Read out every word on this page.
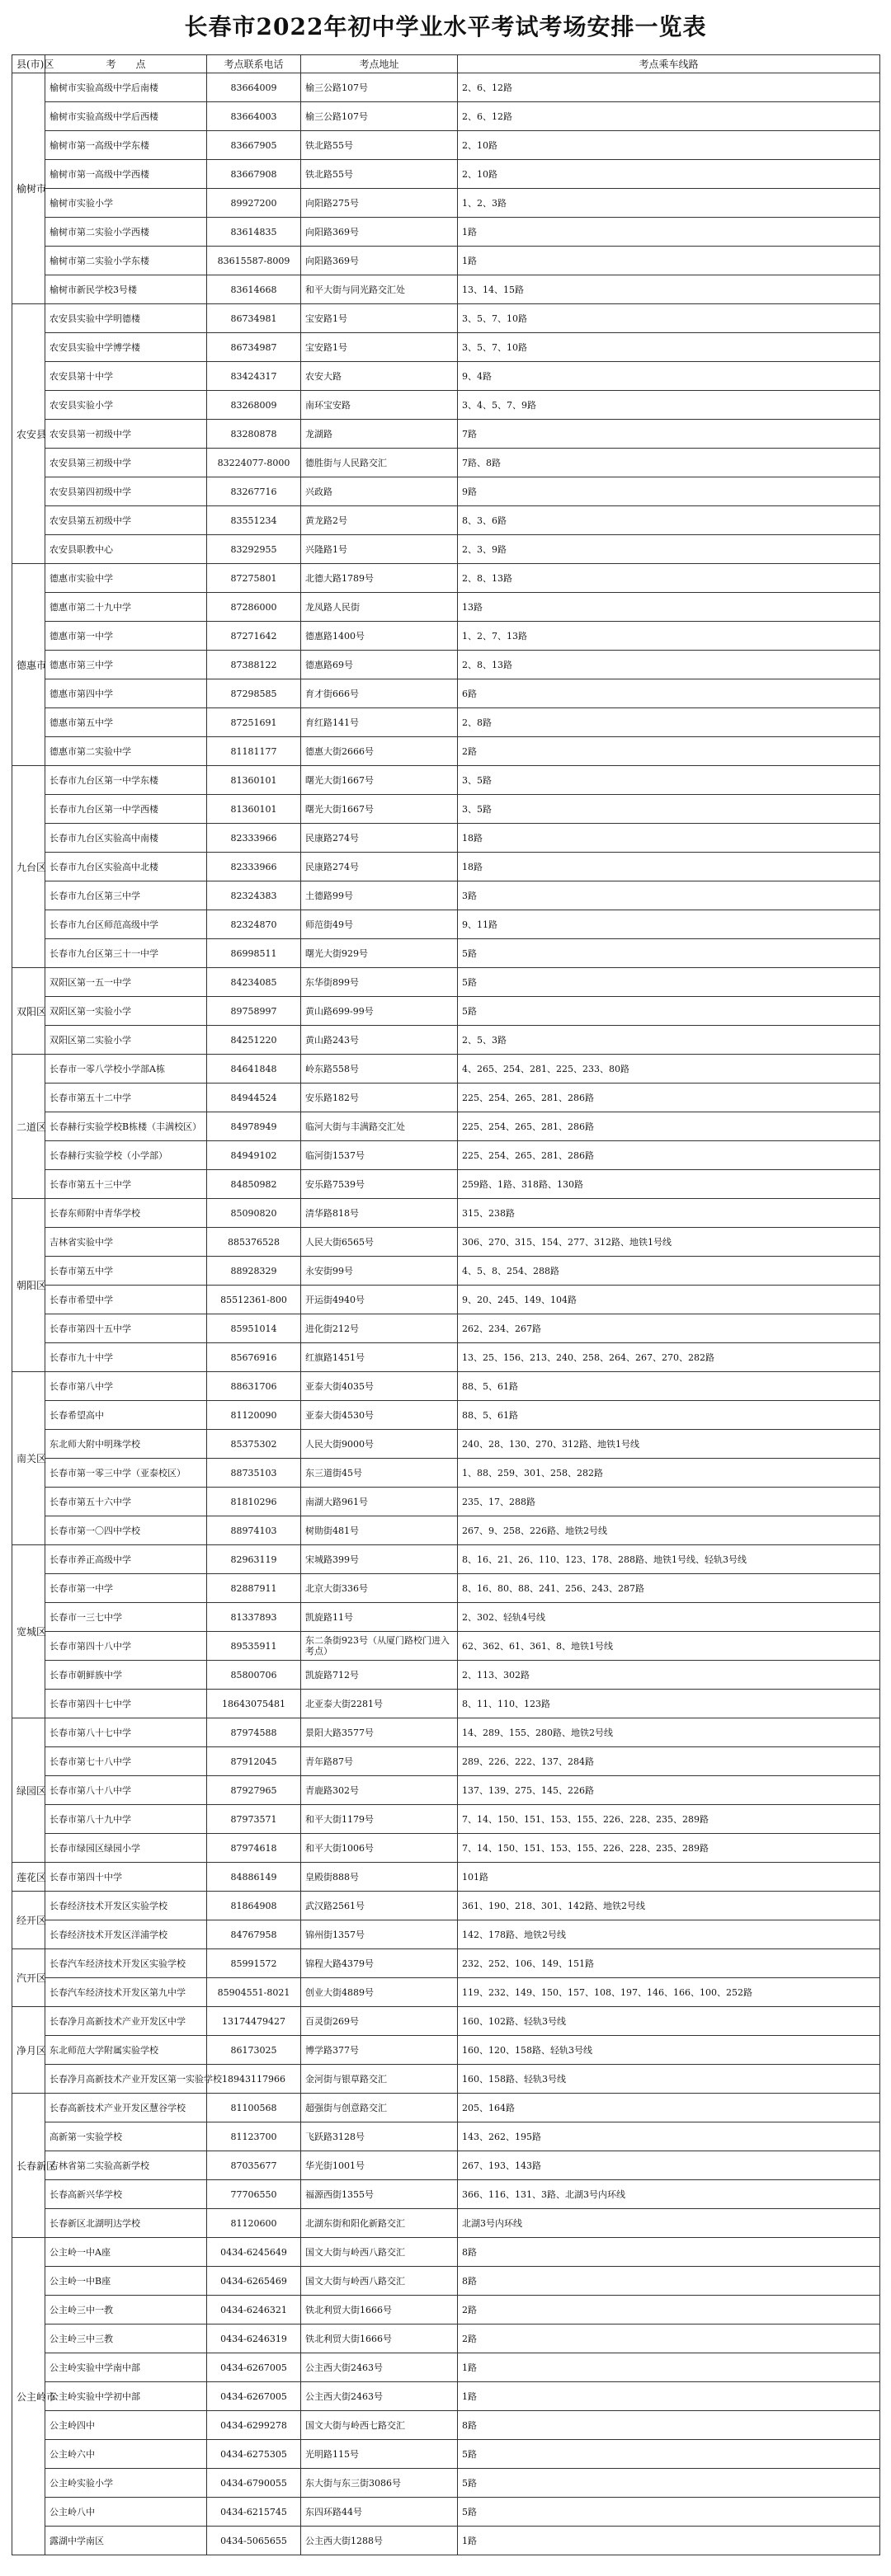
长春市2022年初中学业水平考试考场安排一览表
县(市)区	考　　点	考点联系电话	考点地址	考点乘车线路
榆树市	榆树市实验高级中学后南楼	83664009	榆三公路107号	2、6、12路
	榆树市实验高级中学后西楼	83664003	榆三公路107号	2、6、12路
	榆树市第一高级中学东楼	83667905	铁北路55号	2、10路
	榆树市第一高级中学西楼	83667908	铁北路55号	2、10路
	榆树市实验小学	89927200	向阳路275号	1、2、3路
	榆树市第二实验小学西楼	83614835	向阳路369号	1路
	榆树市第二实验小学东楼	83615587-8009	向阳路369号	1路
	榆树市新民学校3号楼	83614668	和平大街与同光路交汇处	13、14、15路
农安县	农安县实验中学明德楼	86734981	宝安路1号	3、5、7、10路
	农安县实验中学博学楼	86734987	宝安路1号	3、5、7、10路
	农安县第十中学	83424317	农安大路	9、4路
	农安县实验小学	83268009	南环宝安路	3、4、5、7、9路
	农安县第一初级中学	83280878	龙湖路	7路
	农安县第三初级中学	83224077-8000	德胜街与人民路交汇	7路、8路
	农安县第四初级中学	83267716	兴政路	9路
	农安县第五初级中学	83551234	黄龙路2号	8、3、6路
	农安县职教中心	83292955	兴隆路1号	2、3、9路
德惠市	德惠市实验中学	87275801	北德大路1789号	2、8、13路
	德惠市第二十九中学	87286000	龙凤路人民街	13路
	德惠市第一中学	87271642	德惠路1400号	1、2、7、13路
	德惠市第三中学	87388122	德惠路69号	2、8、13路
	德惠市第四中学	87298585	育才街666号	6路
	德惠市第五中学	87251691	育红路141号	2、8路
	德惠市第二实验中学	81181177	德惠大街2666号	2路
九台区	长春市九台区第一中学东楼	81360101	曙光大街1667号	3、5路
	长春市九台区第一中学西楼	81360101	曙光大街1667号	3、5路
	长春市九台区实验高中南楼	82333966	民康路274号	18路
	长春市九台区实验高中北楼	82333966	民康路274号	18路
	长春市九台区第三中学	82324383	土德路99号	3路
	长春市九台区师范高级中学	82324870	师范街49号	9、11路
	长春市九台区第三十一中学	86998511	曙光大街929号	5路
双阳区	双阳区第一五一中学	84234085	东华街899号	5路
	双阳区第一实验小学	89758997	黄山路699-99号	5路
	双阳区第二实验小学	84251220	黄山路243号	2、5、3路
二道区	长春市一零八学校小学部A栋	84641848	岭东路558号	4、265、254、281、225、233、80路
	长春市第五十二中学	84944524	安乐路182号	225、254、265、281、286路
	长春赫行实验学校B栋楼（丰满校区）	84978949	临河大街与丰满路交汇处	225、254、265、281、286路
	长春赫行实验学校（小学部）	84949102	临河街1537号	225、254、265、281、286路
	长春市第五十三中学	84850982	安乐路7539号	259路、1路、318路、130路
朝阳区	长春东师附中青华学校	85090820	清华路818号	315、238路
	吉林省实验中学	885376528	人民大街6565号	306、270、315、154、277、312路、地铁1号线
	长春市第五中学	88928329	永安街99号	4、5、8、254、288路
	长春市希望中学	85512361-800	开运街4940号	9、20、245、149、104路
	长春市第四十五中学	85951014	进化街212号	262、234、267路
	长春市九十中学	85676916	红旗路1451号	13、25、156、213、240、258、264、267、270、282路
南关区	长春市第八中学	88631706	亚泰大街4035号	88、5、61路
	长春希望高中	81120090	亚泰大街4530号	88、5、61路
	东北师大附中明珠学校	85375302	人民大街9000号	240、28、130、270、312路、地铁1号线
	长春市第一零三中学（亚泰校区）	88735103	东三道街45号	1、88、259、301、258、282路
	长春市第五十六中学	81810296	南湖大路961号	235、17、288路
	长春市第一〇四中学校	88974103	树勋街481号	267、9、258、226路、地铁2号线
宽城区	长春市养正高级中学	82963119	宋城路399号	8、16、21、26、110、123、178、288路、地铁1号线、轻轨3号线
	长春市第一中学	82887911	北京大街336号	8、16、80、88、241、256、243、287路
	长春市一三七中学	81337893	凯旋路11号	2、302、轻轨4号线
	长春市第四十八中学	89535911	东二条街923号（从厦门路校门进入考点）	62、362、61、361、8、地铁1号线
	长春市朝鲜族中学	85800706	凯旋路712号	2、113、302路
	长春市第四十七中学	18643075481	北亚泰大街2281号	8、11、110、123路
绿园区	长春市第八十七中学	87974588	景阳大路3577号	14、289、155、280路、地铁2号线
	长春市第七十八中学	87912045	青年路87号	289、226、222、137、284路
	长春市第八十八中学	87927965	青鹿路302号	137、139、275、145、226路
	长春市第八十九中学	87973571	和平大街1179号	7、14、150、151、153、155、226、228、235、289路
	长春市绿园区绿园小学	87974618	和平大街1006号	7、14、150、151、153、155、226、228、235、289路
莲花区	长春市第四十中学	84886149	皇殿街888号	101路
经开区	长春经济技术开发区实验学校	81864908	武汉路2561号	361、190、218、301、142路、地铁2号线
	长春经济技术开发区洋浦学校	84767958	锦州街1357号	142、178路、地铁2号线
汽开区	长春汽车经济技术开发区实验学校	85991572	锦程大路4379号	232、252、106、149、151路
	长春汽车经济技术开发区第九中学	85904551-8021	创业大街4889号	119、232、149、150、157、108、197、146、166、100、252路
净月区	长春净月高新技术产业开发区中学	13174479427	百灵街269号	160、102路、轻轨3号线
	东北师范大学附属实验学校	86173025	博学路377号	160、120、158路、轻轨3号线
	长春净月高新技术产业开发区第一实验学校	18943117966	金河街与银草路交汇	160、158路、轻轨3号线
长春新区	长春高新技术产业开发区慧谷学校	81100568	超强街与创意路交汇	205、164路
	高新第一实验学校	81123700	飞跃路3128号	143、262、195路
	吉林省第二实验高新学校	87035677	华光街1001号	267、193、143路
	长春高新兴华学校	77706550	福源西街1355号	366、116、131、3路、北湖3号内环线
	长春新区北湖明达学校	81120600	北湖东街和阳化新路交汇	北湖3号内环线
公主岭市	公主岭一中A座	0434-6245649	国文大街与岭西八路交汇	8路
	公主岭一中B座	0434-6265469	国文大街与岭西八路交汇	8路
	公主岭三中一教	0434-6246321	铁北利贸大街1666号	2路
	公主岭三中三教	0434-6246319	铁北利贸大街1666号	2路
	公主岭实验中学南中部	0434-6267005	公主西大街2463号	1路
	公主岭实验中学初中部	0434-6267005	公主西大街2463号	1路
	公主岭四中	0434-6299278	国文大街与岭西七路交汇	8路
	公主岭六中	0434-6275305	光明路115号	5路
	公主岭实验小学	0434-6790055	东大街与东三街3086号	5路
	公主岭八中	0434-6215745	东四环路44号	5路
	露湖中学南区	0434-5065655	公主西大街1288号	1路
